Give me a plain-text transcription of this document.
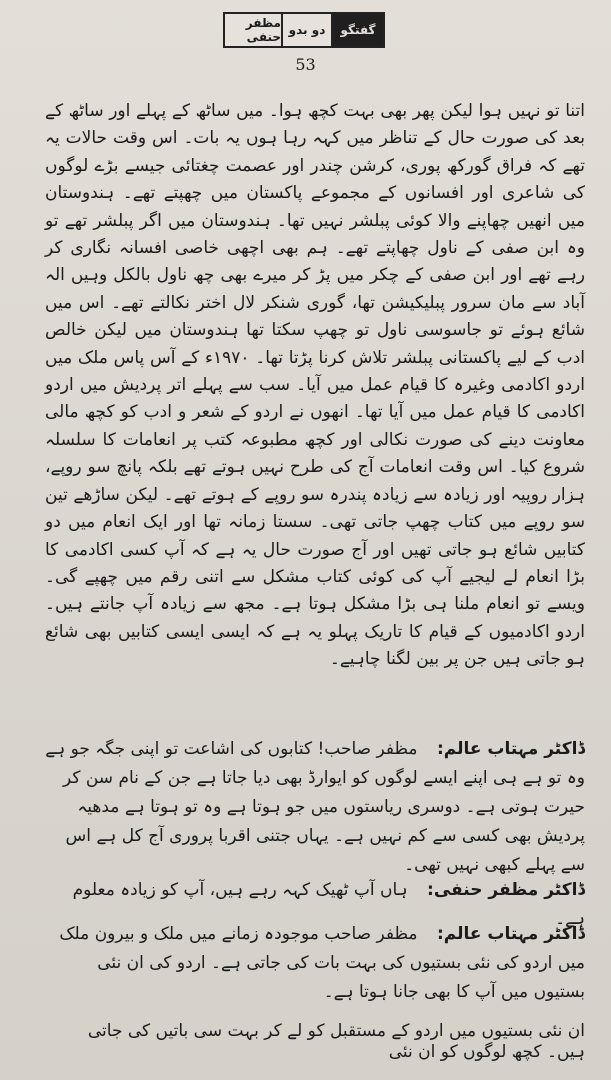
گفتگو
دو بدو
مظفر حنفی
53

اتنا تو نہیں ہوا لیکن پھر بھی بہت کچھ ہوا۔ میں ساٹھ کے پہلے اور ساٹھ کے بعد کی صورت حال کے تناظر میں کہہ رہا ہوں یہ بات۔ اس وقت حالات یہ تھے کہ فراق گورکھ پوری، کرشن چندر اور عصمت چغتائی جیسے بڑے لوگوں کی شاعری اور افسانوں کے مجموعے پاکستان میں چھپتے تھے۔ ہندوستان میں انھیں چھاپنے والا کوئی پبلشر نہیں تھا۔ ہندوستان میں اگر پبلشر تھے تو وہ ابن صفی کے ناول چھاپتے تھے۔ ہم بھی اچھی خاصی افسانہ نگاری کر رہے تھے اور ابن صفی کے چکر میں پڑ کر میرے بھی چھ ناول بالکل وہیں الہ آباد سے مان سرور پبلیکیشن تھا، گوری شنکر لال اختر نکالتے تھے۔ اس میں شائع ہوئے تو جاسوسی ناول تو چھپ سکتا تھا ہندوستان میں لیکن خالص ادب کے لیے پاکستانی پبلشر تلاش کرنا پڑتا تھا۔ ۱۹۷۰ء کے آس پاس ملک میں اردو اکادمی وغیرہ کا قیام عمل میں آیا۔ سب سے پہلے اتر پردیش میں اردو اکادمی کا قیام عمل میں آیا تھا۔ انھوں نے اردو کے شعر و ادب کو کچھ مالی معاونت دینے کی صورت نکالی اور کچھ مطبوعہ کتب پر انعامات کا سلسلہ شروع کیا۔ اس وقت انعامات آج کی طرح نہیں ہوتے تھے بلکہ پانچ سو روپے، ہزار روپیہ اور زیادہ سے زیادہ پندرہ سو روپے کے ہوتے تھے۔ لیکن ساڑھے تین سو روپے میں کتاب چھپ جاتی تھی۔ سستا زمانہ تھا اور ایک انعام میں دو کتابیں شائع ہو جاتی تھیں اور آج صورت حال یہ ہے کہ آپ کسی اکادمی کا بڑا انعام لے لیجیے آپ کی کوئی کتاب مشکل سے اتنی رقم میں چھپے گی۔ ویسے تو انعام ملنا ہی بڑا مشکل ہوتا ہے۔ مجھ سے زیادہ آپ جانتے ہیں۔ اردو اکادمیوں کے قیام کا تاریک پہلو یہ ہے کہ ایسی ایسی کتابیں بھی شائع ہو جاتی ہیں جن پر بین لگنا چاہیے۔

ڈاکٹر مہتاب عالم: مظفر صاحب! کتابوں کی اشاعت تو اپنی جگہ جو ہے وہ تو ہے ہی اپنے ایسے لوگوں کو ایوارڈ بھی دیا جاتا ہے جن کے نام سن کر حیرت ہوتی ہے۔ دوسری ریاستوں میں جو ہوتا ہے وہ تو ہوتا ہے مدھیہ پردیش بھی کسی سے کم نہیں ہے۔ یہاں جتنی اقربا پروری آج کل ہے اس سے پہلے کبھی نہیں تھی۔
ڈاکٹر مظفر حنفی: ہاں آپ ٹھیک کہہ رہے ہیں، آپ کو زیادہ معلوم ہے۔
ڈاکٹر مہتاب عالم: مظفر صاحب موجودہ زمانے میں ملک و بیرون ملک میں اردو کی نئی بستیوں کی بہت بات کی جاتی ہے۔ اردو کی ان نئی بستیوں میں آپ کا بھی جانا ہوتا ہے۔
ان نئی بستیوں میں اردو کے مستقبل کو لے کر بہت سی باتیں کی جاتی ہیں۔ کچھ لوگوں کو ان نئی
